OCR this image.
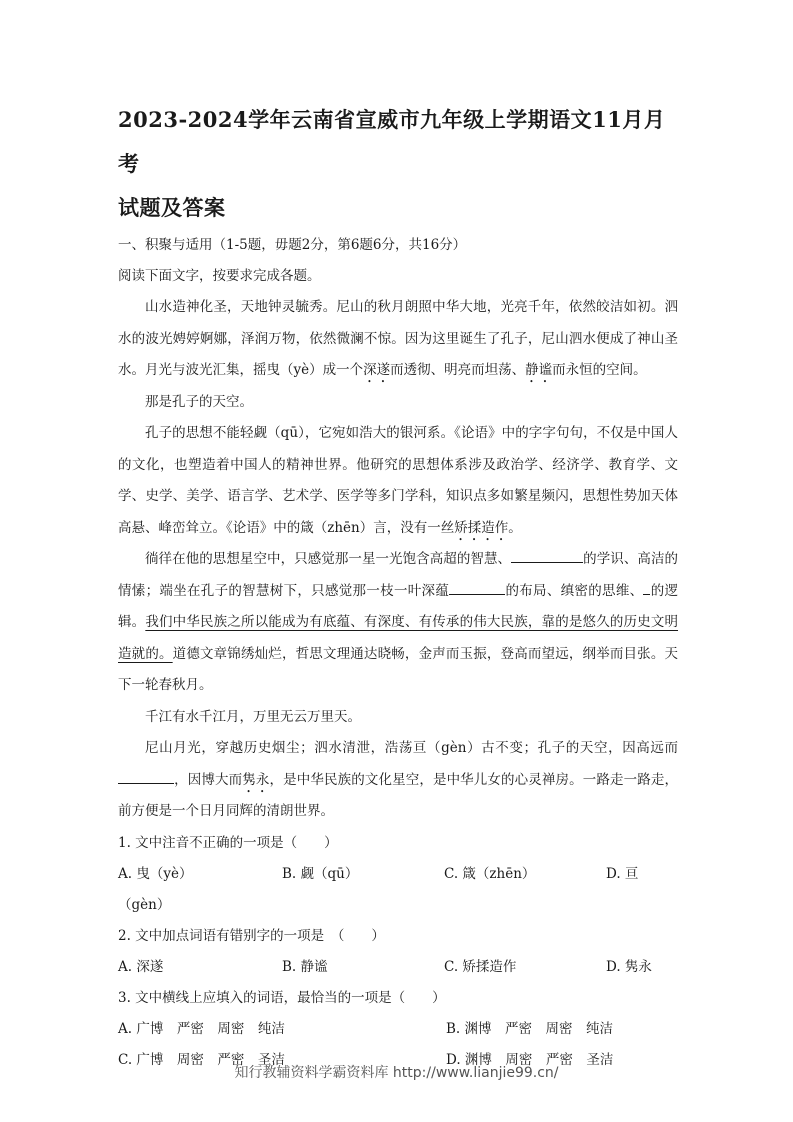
2023-2024学年云南省宣威市九年级上学期语文11月月考
试题及答案

一、积聚与适用（1-5题，毋题2分，第6题6分，共16分）

阅读下面文字，按要求完成各题。

山水造神化圣，天地钟灵毓秀。尼山的秋月朗照中华大地，光亮千年，依然皎洁如初。泗水的波光娉婷婀娜，泽润万物，依然微澜不惊。因为这里诞生了孔子，尼山泗水便成了神山圣水。月光与波光汇集，摇曳（yè）成一个深遂而透彻、明亮而坦荡、静谧而永恒的空间。

那是孔子的天空。

孔子的思想不能轻觑（qū），它宛如浩大的银河系。《论语》中的字字句句，不仅是中国人的文化，也塑造着中国人的精神世界。他研究的思想体系涉及政治学、经济学、教育学、文学、史学、美学、语言学、艺术学、医学等多门学科，知识点多如繁星频闪，思想性势加天体高悬、峰峦耸立。《论语》中的箴（zhēn）言，没有一丝矫揉造作。

徜徉在他的思想星空中，只感觉那一星一光饱含高超的智慧、	的学识、高洁的情愫；端坐在孔子的智慧树下，只感觉那一枝一叶深蕴	的布局、缜密的思维、 的逻辑。我们中华民族之所以能成为有底蕴、有深度、有传承的伟大民族，靠的是悠久的历史文明造就的。道德文章锦绣灿烂，哲思文理通达晓畅，金声而玉振，登高而望远，纲举而目张。天下一轮春秋月。

千江有水千江月，万里无云万里天。

尼山月光，穿越历史烟尘；泗水清泄，浩荡亘（gèn）古不变；孔子的天空，因高远而，因博大而隽永，是中华民族的文化星空，是中华儿女的心灵禅房。一路走一路走，前方便是一个日月同辉的清朗世界。

1. 文中注音不正确的一项是（　　）

A. 曳（yè）	B. 觑（qū）	C. 箴（zhēn）	D. 亘

（gèn）

2. 文中加点词语有错别字的一项是　（　　）

A. 深遂	B. 静谧	C. 矫揉造作	D. 隽永

3. 文中横线上应填入的词语，最恰当的一项是（　　）

A. 广博　严密　周密　纯洁	B. 渊博　严密　周密　纯洁
C. 广博　周密　严密　圣洁	D. 渊博　周密　严密　圣洁
知行教辅资料学霸资料库 http://www.lianjie99.cn/
